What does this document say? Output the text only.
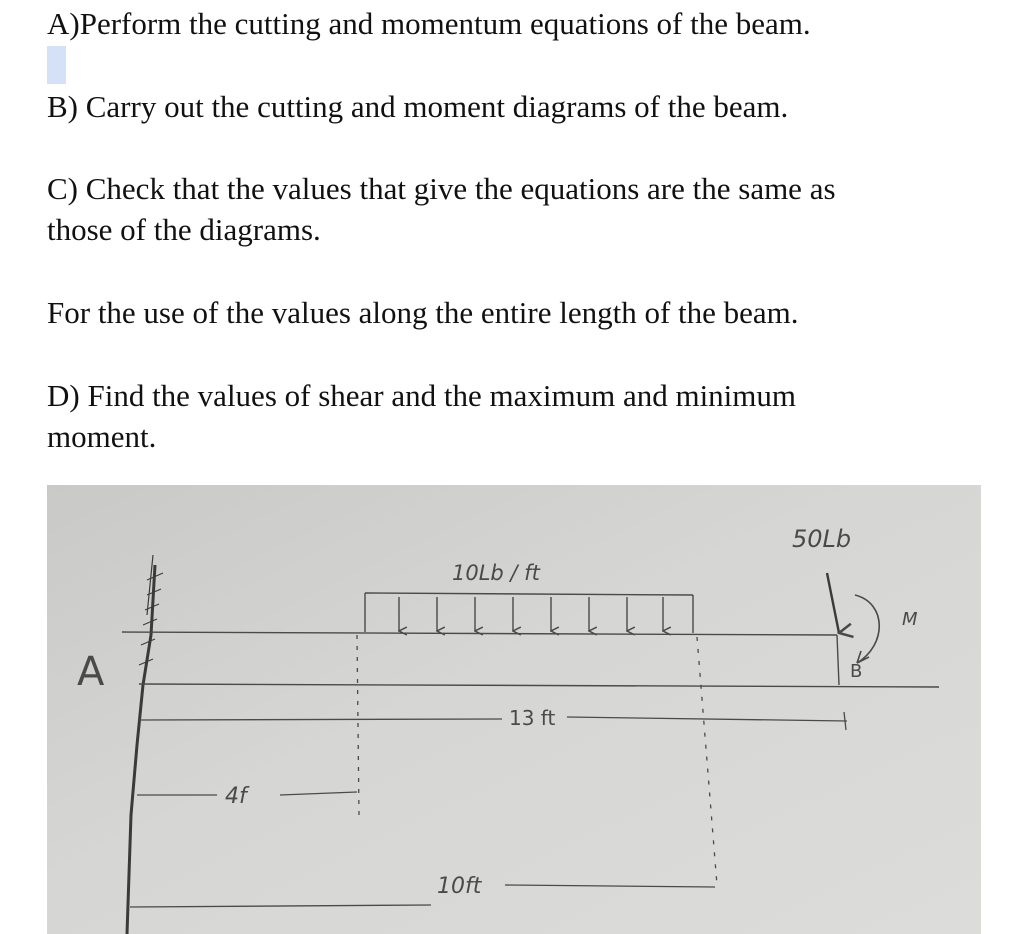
A)Perform the cutting and momentum equations of the beam.

B) Carry out the cutting and moment diagrams of the beam.

C) Check that the values that give the equations are the same as

those of the diagrams.

For the use of the values along the entire length of the beam.

D) Find the values of shear and the maximum and minimum

moment.

A
10Lb / ft
50Lb
B
M
13 ft
4f
10ft
